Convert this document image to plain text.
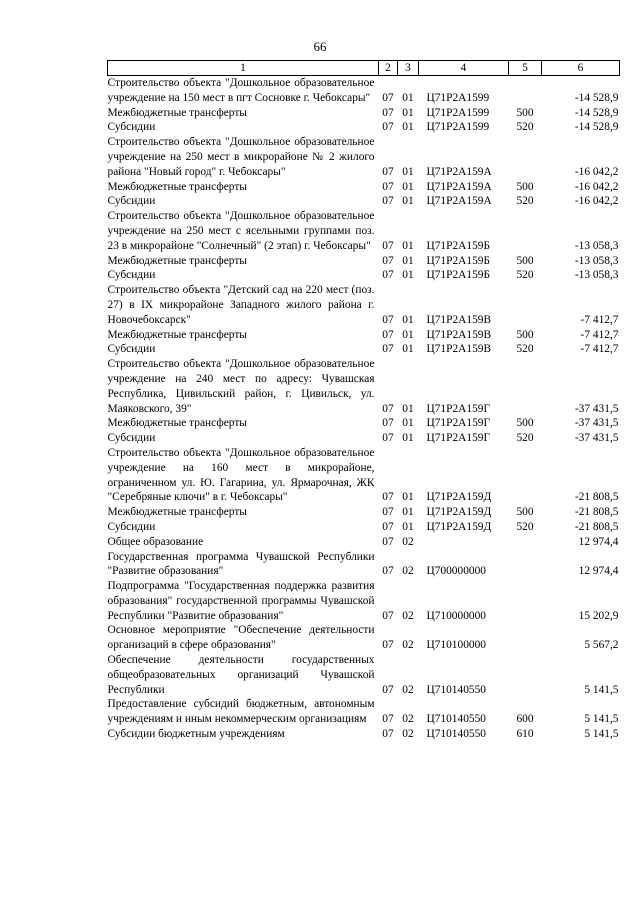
66
1	2	3	4	5	6
Строительство объекта "Дошкольное образовательное учреждение на 150 мест в пгт Сосновке г. Чебоксары"	07	01	Ц71Р2А1599		-14 528,9
Межбюджетные трансферты	07	01	Ц71Р2А1599	500	-14 528,9
Субсидии	07	01	Ц71Р2А1599	520	-14 528,9
Строительство объекта "Дошкольное образовательное учреждение на 250 мест в микрорайоне № 2 жилого района "Новый город" г. Чебоксары"	07	01	Ц71Р2А159А		-16 042,2
Межбюджетные трансферты	07	01	Ц71Р2А159А	500	-16 042,2
Субсидии	07	01	Ц71Р2А159А	520	-16 042,2
Строительство объекта "Дошкольное образовательное учреждение на 250 мест с ясельными группами поз. 23 в микрорайоне "Солнечный" (2 этап) г. Чебоксары"	07	01	Ц71Р2А159Б		-13 058,3
Межбюджетные трансферты	07	01	Ц71Р2А159Б	500	-13 058,3
Субсидии	07	01	Ц71Р2А159Б	520	-13 058,3
Строительство объекта "Детский сад на 220 мест (поз. 27) в IX микрорайоне Западного жилого района г. Новочебоксарск"	07	01	Ц71Р2А159В		-7 412,7
Межбюджетные трансферты	07	01	Ц71Р2А159В	500	-7 412,7
Субсидии	07	01	Ц71Р2А159В	520	-7 412,7
Строительство объекта "Дошкольное образовательное учреждение на 240 мест по адресу: Чувашская Республика, Цивильский район, г. Цивильск, ул. Маяковского, 39"	07	01	Ц71Р2А159Г		-37 431,5
Межбюджетные трансферты	07	01	Ц71Р2А159Г	500	-37 431,5
Субсидии	07	01	Ц71Р2А159Г	520	-37 431,5
Строительство объекта "Дошкольное образовательное учреждение на 160 мест в микрорайоне, ограниченном ул. Ю. Гагарина, ул. Ярмарочная, ЖК "Серебряные ключи" в г. Чебоксары"	07	01	Ц71Р2А159Д		-21 808,5
Межбюджетные трансферты	07	01	Ц71Р2А159Д	500	-21 808,5
Субсидии	07	01	Ц71Р2А159Д	520	-21 808,5
Общее образование	07	02			12 974,4
Государственная программа Чувашской Республики "Развитие образования"	07	02	Ц700000000		12 974,4
Подпрограмма "Государственная поддержка развития образования" государственной программы Чувашской Республики "Развитие образования"	07	02	Ц710000000		15 202,9
Основное мероприятие "Обеспечение деятельности организаций в сфере образования"	07	02	Ц710100000		5 567,2
Обеспечение деятельности государственных общеобразовательных организаций Чувашской Республики	07	02	Ц710140550		5 141,5
Предоставление субсидий бюджетным, автономным учреждениям и иным некоммерческим организациям	07	02	Ц710140550	600	5 141,5
Субсидии бюджетным учреждениям	07	02	Ц710140550	610	5 141,5
